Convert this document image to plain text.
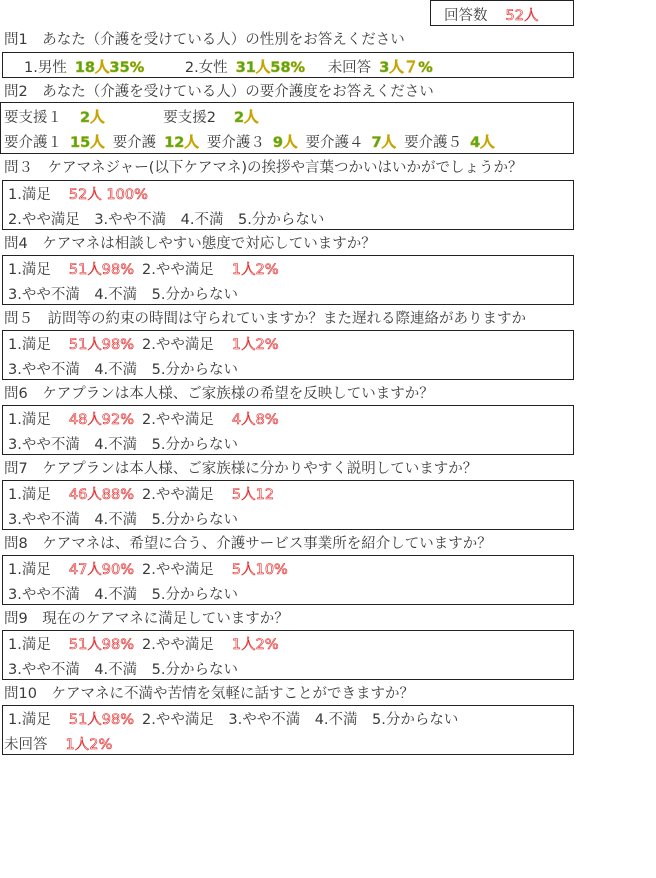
回答数 52人
問1　あなた（介護を受けている人）の性別をお答えください
1.男性 18人35%	2.女性 31人58% 未回答 3人７%
問2　あなた（介護を受けている人）の要介護度をお答えください
要支援１ 2人	要支援2 2人
要介護１ 15人 要介護 12人 要介護３ 9人 要介護４ 7人 要介護５ 4人
問３　ケアマネジャー(以下ケアマネ)の挨拶や言葉つかいはいかがでしょうか？
1.満足 52人 100%
2.やや満足　3.やや不満　4.不満　5.分からない
問4　ケアマネは相談しやすい態度で対応していますか？
1.満足 51人98% 2.やや満足 1人2%
3.やや不満　4.不満　5.分からない
問５　訪問等の約束の時間は守られていますか？また遅れる際連絡がありますか
1.満足 51人98% 2.やや満足 1人2%
3.やや不満　4.不満　5.分からない
問6　ケアプランは本人様、ご家族様の希望を反映していますか？
1.満足 48人92% 2.やや満足 4人8%
3.やや不満　4.不満　5.分からない
問7　ケアプランは本人様、ご家族様に分かりやすく説明していますか？
1.満足 46人88% 2.やや満足 5人12
3.やや不満　4.不満　5.分からない
問8　ケアマネは、希望に合う、介護サービス事業所を紹介していますか？
1.満足 47人90% 2.やや満足 5人10%
3.やや不満　4.不満　5.分からない
問9　現在のケアマネに満足していますか？
1.満足 51人98% 2.やや満足 1人2%
3.やや不満　4.不満　5.分からない
問10　ケアマネに不満や苦情を気軽に話すことができますか？
1.満足 51人98% 2.やや満足　3.やや不満　4.不満　5.分からない
未回答 1人2%
